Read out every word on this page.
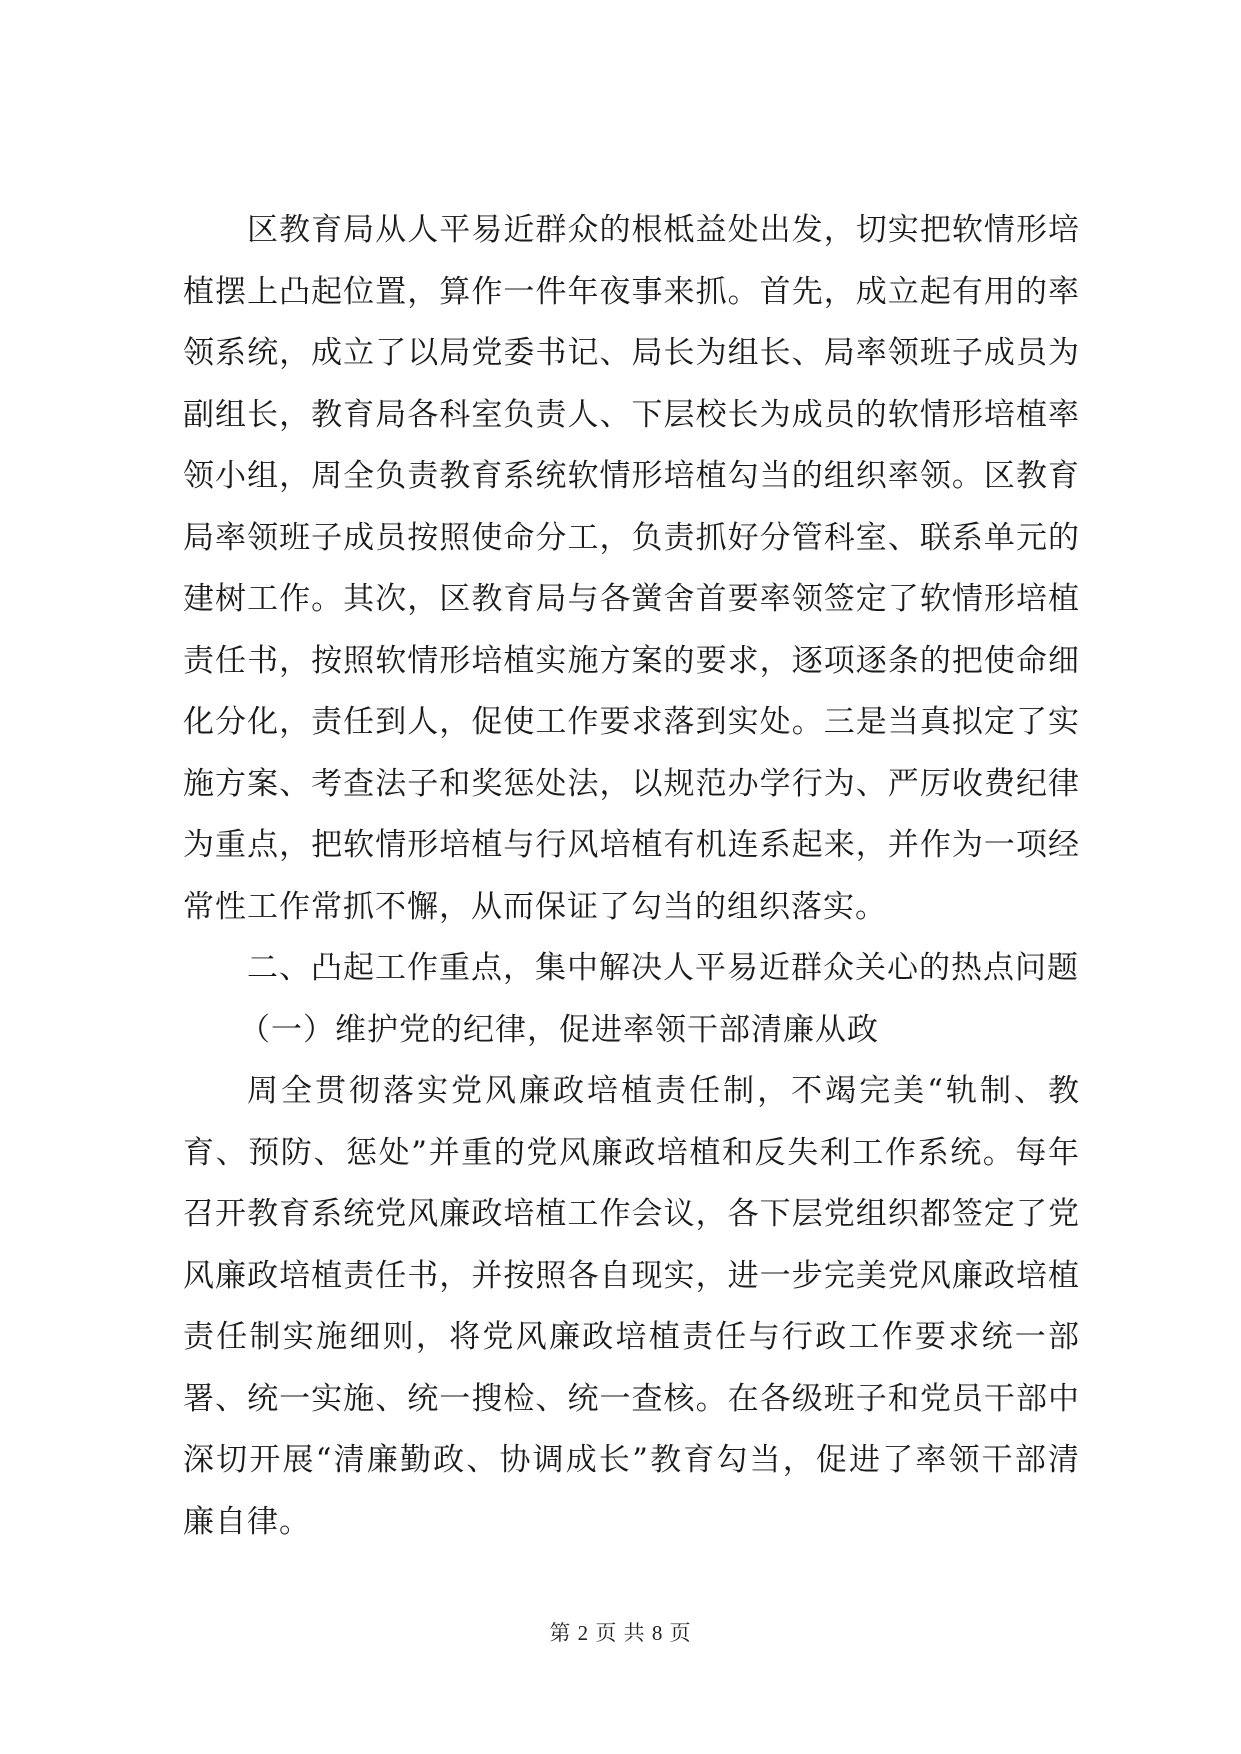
区教育局从人平易近群众的根柢益处出发，切实把软情形培植摆上凸起位置，算作一件年夜事来抓。首先，成立起有用的率领系统，成立了以局党委书记、局长为组长、局率领班子成员为副组长，教育局各科室负责人、下层校长为成员的软情形培植率领小组，周全负责教育系统软情形培植勾当的组织率领。区教育局率领班子成员按照使命分工，负责抓好分管科室、联系单元的建树工作。其次，区教育局与各黉舍首要率领签定了软情形培植责任书，按照软情形培植实施方案的要求，逐项逐条的把使命细化分化，责任到人，促使工作要求落到实处。三是当真拟定了实施方案、考查法子和奖惩处法，以规范办学行为、严厉收费纪律为重点，把软情形培植与行风培植有机连系起来，并作为一项经常性工作常抓不懈，从而保证了勾当的组织落实。

二、凸起工作重点，集中解决人平易近群众关心的热点问题

（一）维护党的纪律，促进率领干部清廉从政

周全贯彻落实党风廉政培植责任制，不竭完美“轨制、教育、预防、惩处”并重的党风廉政培植和反失利工作系统。每年召开教育系统党风廉政培植工作会议，各下层党组织都签定了党风廉政培植责任书，并按照各自现实，进一步完美党风廉政培植责任制实施细则，将党风廉政培植责任与行政工作要求统一部署、统一实施、统一搜检、统一查核。在各级班子和党员干部中深切开展“清廉勤政、协调成长”教育勾当，促进了率领干部清廉自律。

第 2 页 共 8 页
